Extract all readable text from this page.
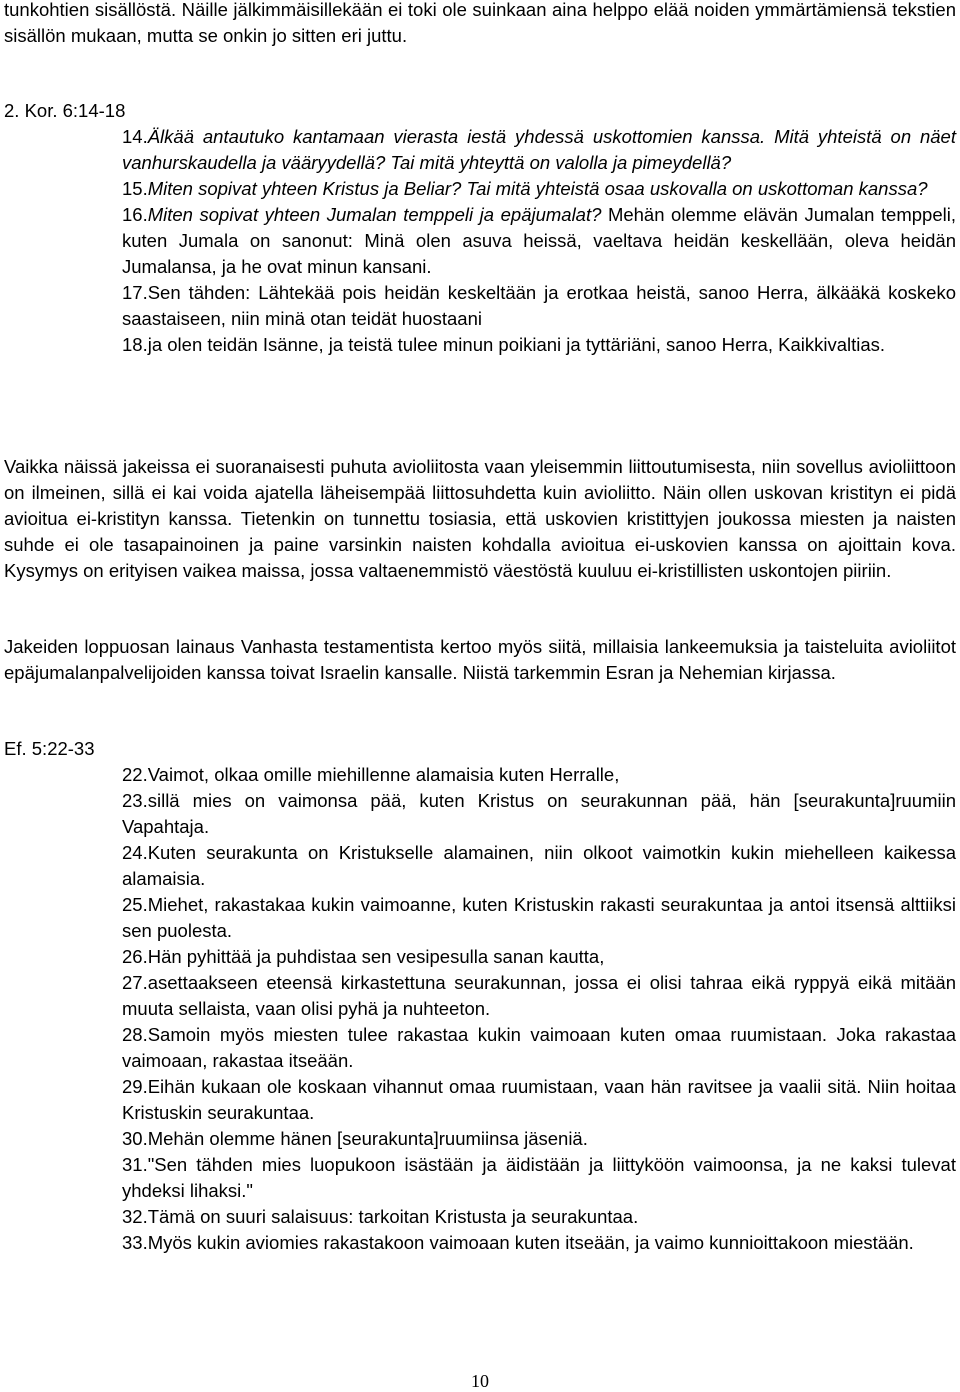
tunkohtien sisällöstä. Näille jälkimmäisillekään ei toki ole suinkaan aina helppo elää noiden ymmärtämiensä tekstien sisällön mukaan, mutta se onkin jo sitten eri juttu.

2. Kor. 6:14-18
14.Älkää antautuko kantamaan vierasta iestä yhdessä uskottomien kanssa. Mitä yhteistä on näet vanhurskaudella ja vääryydellä? Tai mitä yhteyttä on valolla ja pimeydellä?
15.Miten sopivat yhteen Kristus ja Beliar? Tai mitä yhteistä osaa uskovalla on uskottoman kanssa?
16.Miten sopivat yhteen Jumalan temppeli ja epäjumalat? Mehän olemme elävän Jumalan temppeli, kuten Jumala on sanonut: Minä olen asuva heissä, vaeltava heidän keskellään, oleva heidän Jumalansa, ja he ovat minun kansani.
17.Sen tähden: Lähtekää pois heidän keskeltään ja erotkaa heistä, sanoo Herra, älkääkä koskeko saastaiseen, niin minä otan teidät huostaani
18.ja olen teidän Isänne, ja teistä tulee minun poikiani ja tyttäriäni, sanoo Herra, Kaikkivaltias.

Vaikka näissä jakeissa ei suoranaisesti puhuta avioliitosta vaan yleisemmin liittoutumisesta, niin sovellus avioliittoon on ilmeinen, sillä ei kai voida ajatella läheisempää liittosuhdetta kuin avioliitto. Näin ollen uskovan kristityn ei pidä avioitua ei-kristityn kanssa. Tietenkin on tunnettu tosiasia, että uskovien kristittyjen joukossa miesten ja naisten suhde ei ole tasapainoinen ja paine varsinkin naisten kohdalla avioitua ei-uskovien kanssa on ajoittain kova. Kysymys on erityisen vaikea maissa, jossa valtaenemmistö väestöstä kuuluu ei-kristillisten uskontojen piiriin.

Jakeiden loppuosan lainaus Vanhasta testamentista kertoo myös siitä, millaisia lankeemuksia ja taisteluita avioliitot epäjumalanpalvelijoiden kanssa toivat Israelin kansalle. Niistä tarkemmin Esran ja Nehemian kirjassa.

Ef. 5:22-33
22.Vaimot, olkaa omille miehillenne alamaisia kuten Herralle,
23.sillä mies on vaimonsa pää, kuten Kristus on seurakunnan pää, hän [seurakunta]ruumiin Vapahtaja.
24.Kuten seurakunta on Kristukselle alamainen, niin olkoot vaimotkin kukin miehelleen kaikessa alamaisia.
25.Miehet, rakastakaa kukin vaimoanne, kuten Kristuskin rakasti seurakuntaa ja antoi itsensä alttiiksi sen puolesta.
26.Hän pyhittää ja puhdistaa sen vesipesulla sanan kautta,
27.asettaakseen eteensä kirkastettuna seurakunnan, jossa ei olisi tahraa eikä ryppyä eikä mitään muuta sellaista, vaan olisi pyhä ja nuhteeton.
28.Samoin myös miesten tulee rakastaa kukin vaimoaan kuten omaa ruumistaan. Joka rakastaa vaimoaan, rakastaa itseään.
29.Eihän kukaan ole koskaan vihannut omaa ruumistaan, vaan hän ravitsee ja vaalii sitä. Niin hoitaa Kristuskin seurakuntaa.
30.Mehän olemme hänen [seurakunta]ruumiinsa jäseniä.
31."Sen tähden mies luopukoon isästään ja äidistään ja liittyköön vaimoonsa, ja ne kaksi tulevat yhdeksi lihaksi."
32.Tämä on suuri salaisuus: tarkoitan Kristusta ja seurakuntaa.
33.Myös kukin aviomies rakastakoon vaimoaan kuten itseään, ja vaimo kunnioittakoon miestään.
10
